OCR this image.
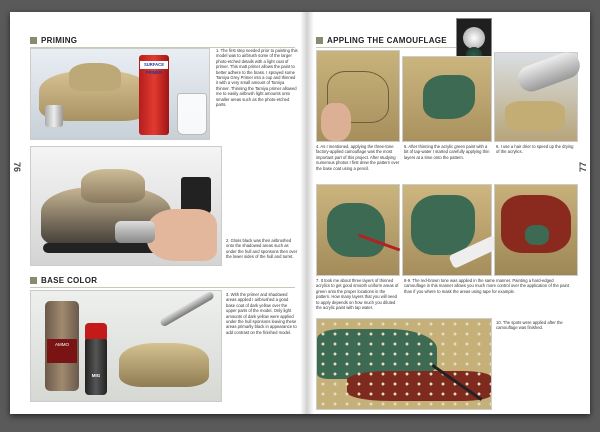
76	77
PRIMING
SURFACE PRIMER
1. The first step needed prior to painting this model was to airbrush some of the larger photo-etched details with a light coat of primer. This matt primer allows the paint to better adhere to the brass. I sprayed some Tamiya Grey Primer into a cup and thinned it with a very small amount of Tamiya thinner. Thinning the Tamiya primer allowed me to easily airbrush light amounts onto smaller areas such as the photo-etched parts.
2. Gloss black was then airbrushed onto the shadowed areas such as under the hull and sponsons then over the lower sides of the hull and turret.
BASE COLOR
AMMO
MIG
3. With the primer and shadowed areas applied I airbrushed a good base coat of dark yellow over the upper parts of the model. Only light amounts of dark yellow were applied under the hull sponsons leaving these areas primarily black in appearance to add contrast on the finished model.
APPLING THE CAMOUFLAGE
4. As I mentioned, applying the three-tone factory-applied camouflage was the most important part of this project. After studying numerous photos I first drew the pattern over the base coat using a pencil.
5. After thinning the acrylic green paint with a bit of tap-water I started carefully applying thin layers at a time onto the pattern.
6. I use a hair drier to speed up the drying of the acrylics.
7. It took me about three layers of thinned acrylics to get good smooth uniform areas of green onto the proper locations in the pattern. How many layers that you will need to apply depends on how much you diluted the acrylic paint with tap water.
8-9. The red-brown tone was applied in the same manner. Painting a hard-edged camouflage in this manner allows you much more control over the application of the paint than if you where to mask the areas using tape for example.
10. The spots were applied after the camouflage was finished.
